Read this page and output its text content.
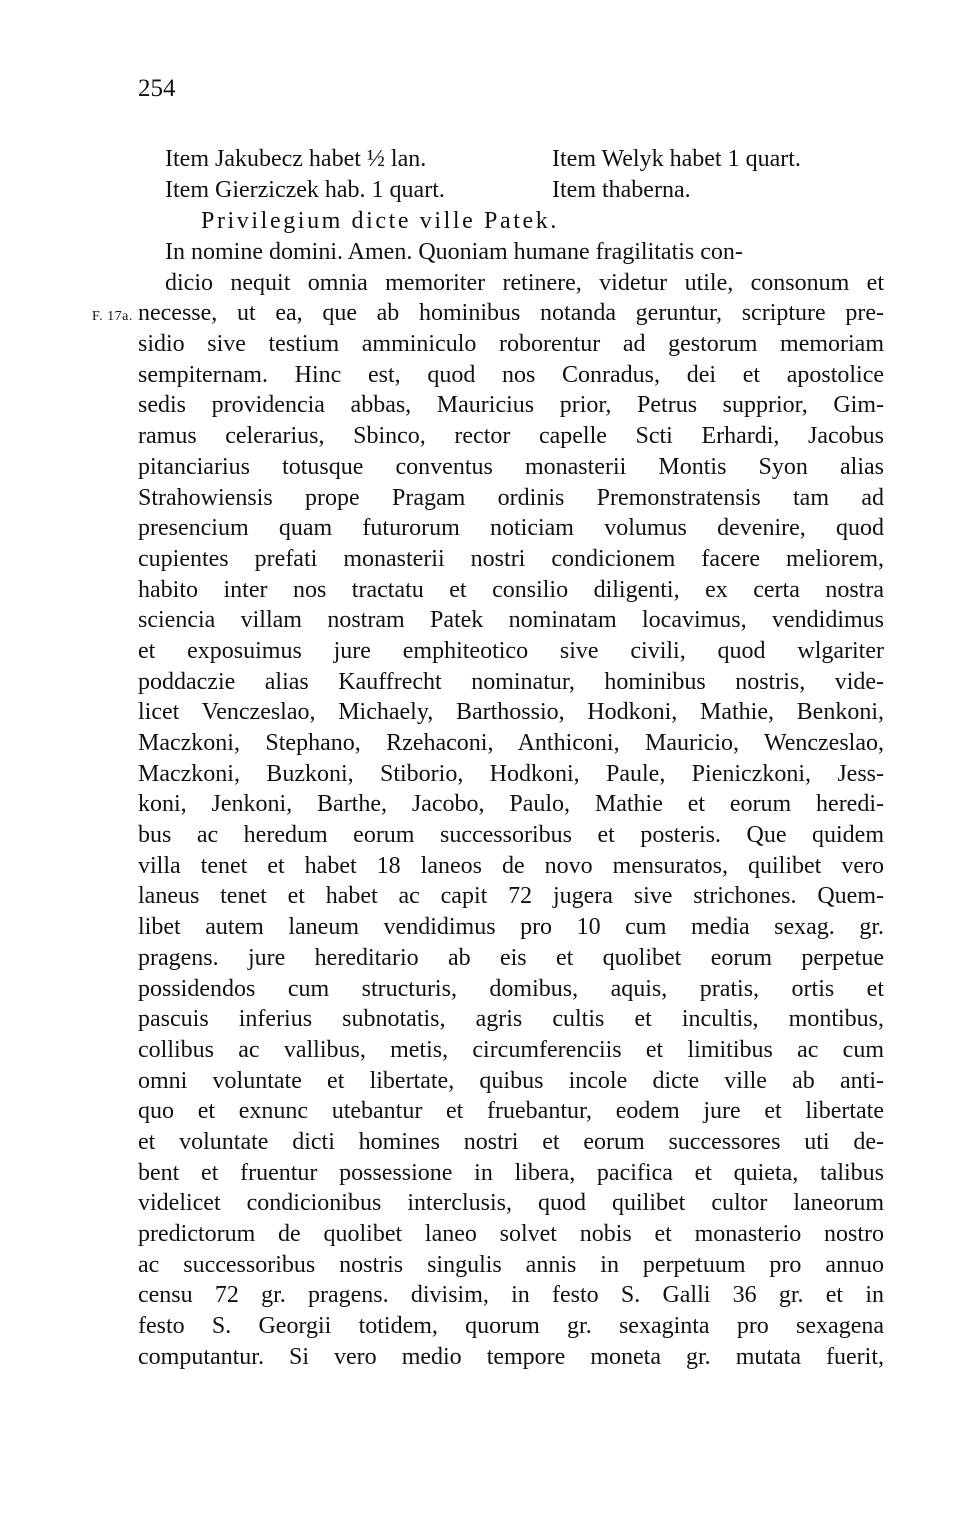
254
Item Jakubecz habet ½ lan.	Item Welyk habet 1 quart.
Item Gierziczek hab. 1 quart.	Item thaberna.
Privilegium dicte ville Patek.
F. 17a.
In nomine domini. Amen. Quoniam humane fragilitatis con-
dicio nequit omnia memoriter retinere, videtur utile, consonum et
necesse, ut ea, que ab hominibus notanda geruntur, scripture pre-
sidio sive testium amminiculo roborentur ad gestorum memoriam
sempiternam. Hinc est, quod nos Conradus, dei et apostolice
sedis providencia abbas, Mauricius prior, Petrus supprior, Gim-
ramus celerarius, Sbinco, rector capelle Scti Erhardi, Jacobus
pitanciarius totusque conventus monasterii Montis Syon alias
Strahowiensis prope Pragam ordinis Premonstratensis tam ad
presencium quam futurorum noticiam volumus devenire, quod
cupientes prefati monasterii nostri condicionem facere meliorem,
habito inter nos tractatu et consilio diligenti, ex certa nostra
sciencia villam nostram Patek nominatam locavimus, vendidimus
et exposuimus jure emphiteotico sive civili, quod wlgariter
poddaczie alias Kauffrecht nominatur, hominibus nostris, vide-
licet Venczeslao, Michaely, Barthossio, Hodkoni, Mathie, Benkoni,
Maczkoni, Stephano, Rzehaconi, Anthiconi, Mauricio, Wenczeslao,
Maczkoni, Buzkoni, Stiborio, Hodkoni, Paule, Pieniczkoni, Jess-
koni, Jenkoni, Barthe, Jacobo, Paulo, Mathie et eorum heredi-
bus ac heredum eorum successoribus et posteris. Que quidem
villa tenet et habet 18 laneos de novo mensuratos, quilibet vero
laneus tenet et habet ac capit 72 jugera sive strichones. Quem-
libet autem laneum vendidimus pro 10 cum media sexag. gr.
pragens. jure hereditario ab eis et quolibet eorum perpetue
possidendos cum structuris, domibus, aquis, pratis, ortis et
pascuis inferius subnotatis, agris cultis et incultis, montibus,
collibus ac vallibus, metis, circumferenciis et limitibus ac cum
omni voluntate et libertate, quibus incole dicte ville ab anti-
quo et exnunc utebantur et fruebantur, eodem jure et libertate
et voluntate dicti homines nostri et eorum successores uti de-
bent et fruentur possessione in libera, pacifica et quieta, talibus
videlicet condicionibus interclusis, quod quilibet cultor laneorum
predictorum de quolibet laneo solvet nobis et monasterio nostro
ac successoribus nostris singulis annis in perpetuum pro annuo
censu 72 gr. pragens. divisim, in festo S. Galli 36 gr. et in
festo S. Georgii totidem, quorum gr. sexaginta pro sexagena
computantur. Si vero medio tempore moneta gr. mutata fuerit,
